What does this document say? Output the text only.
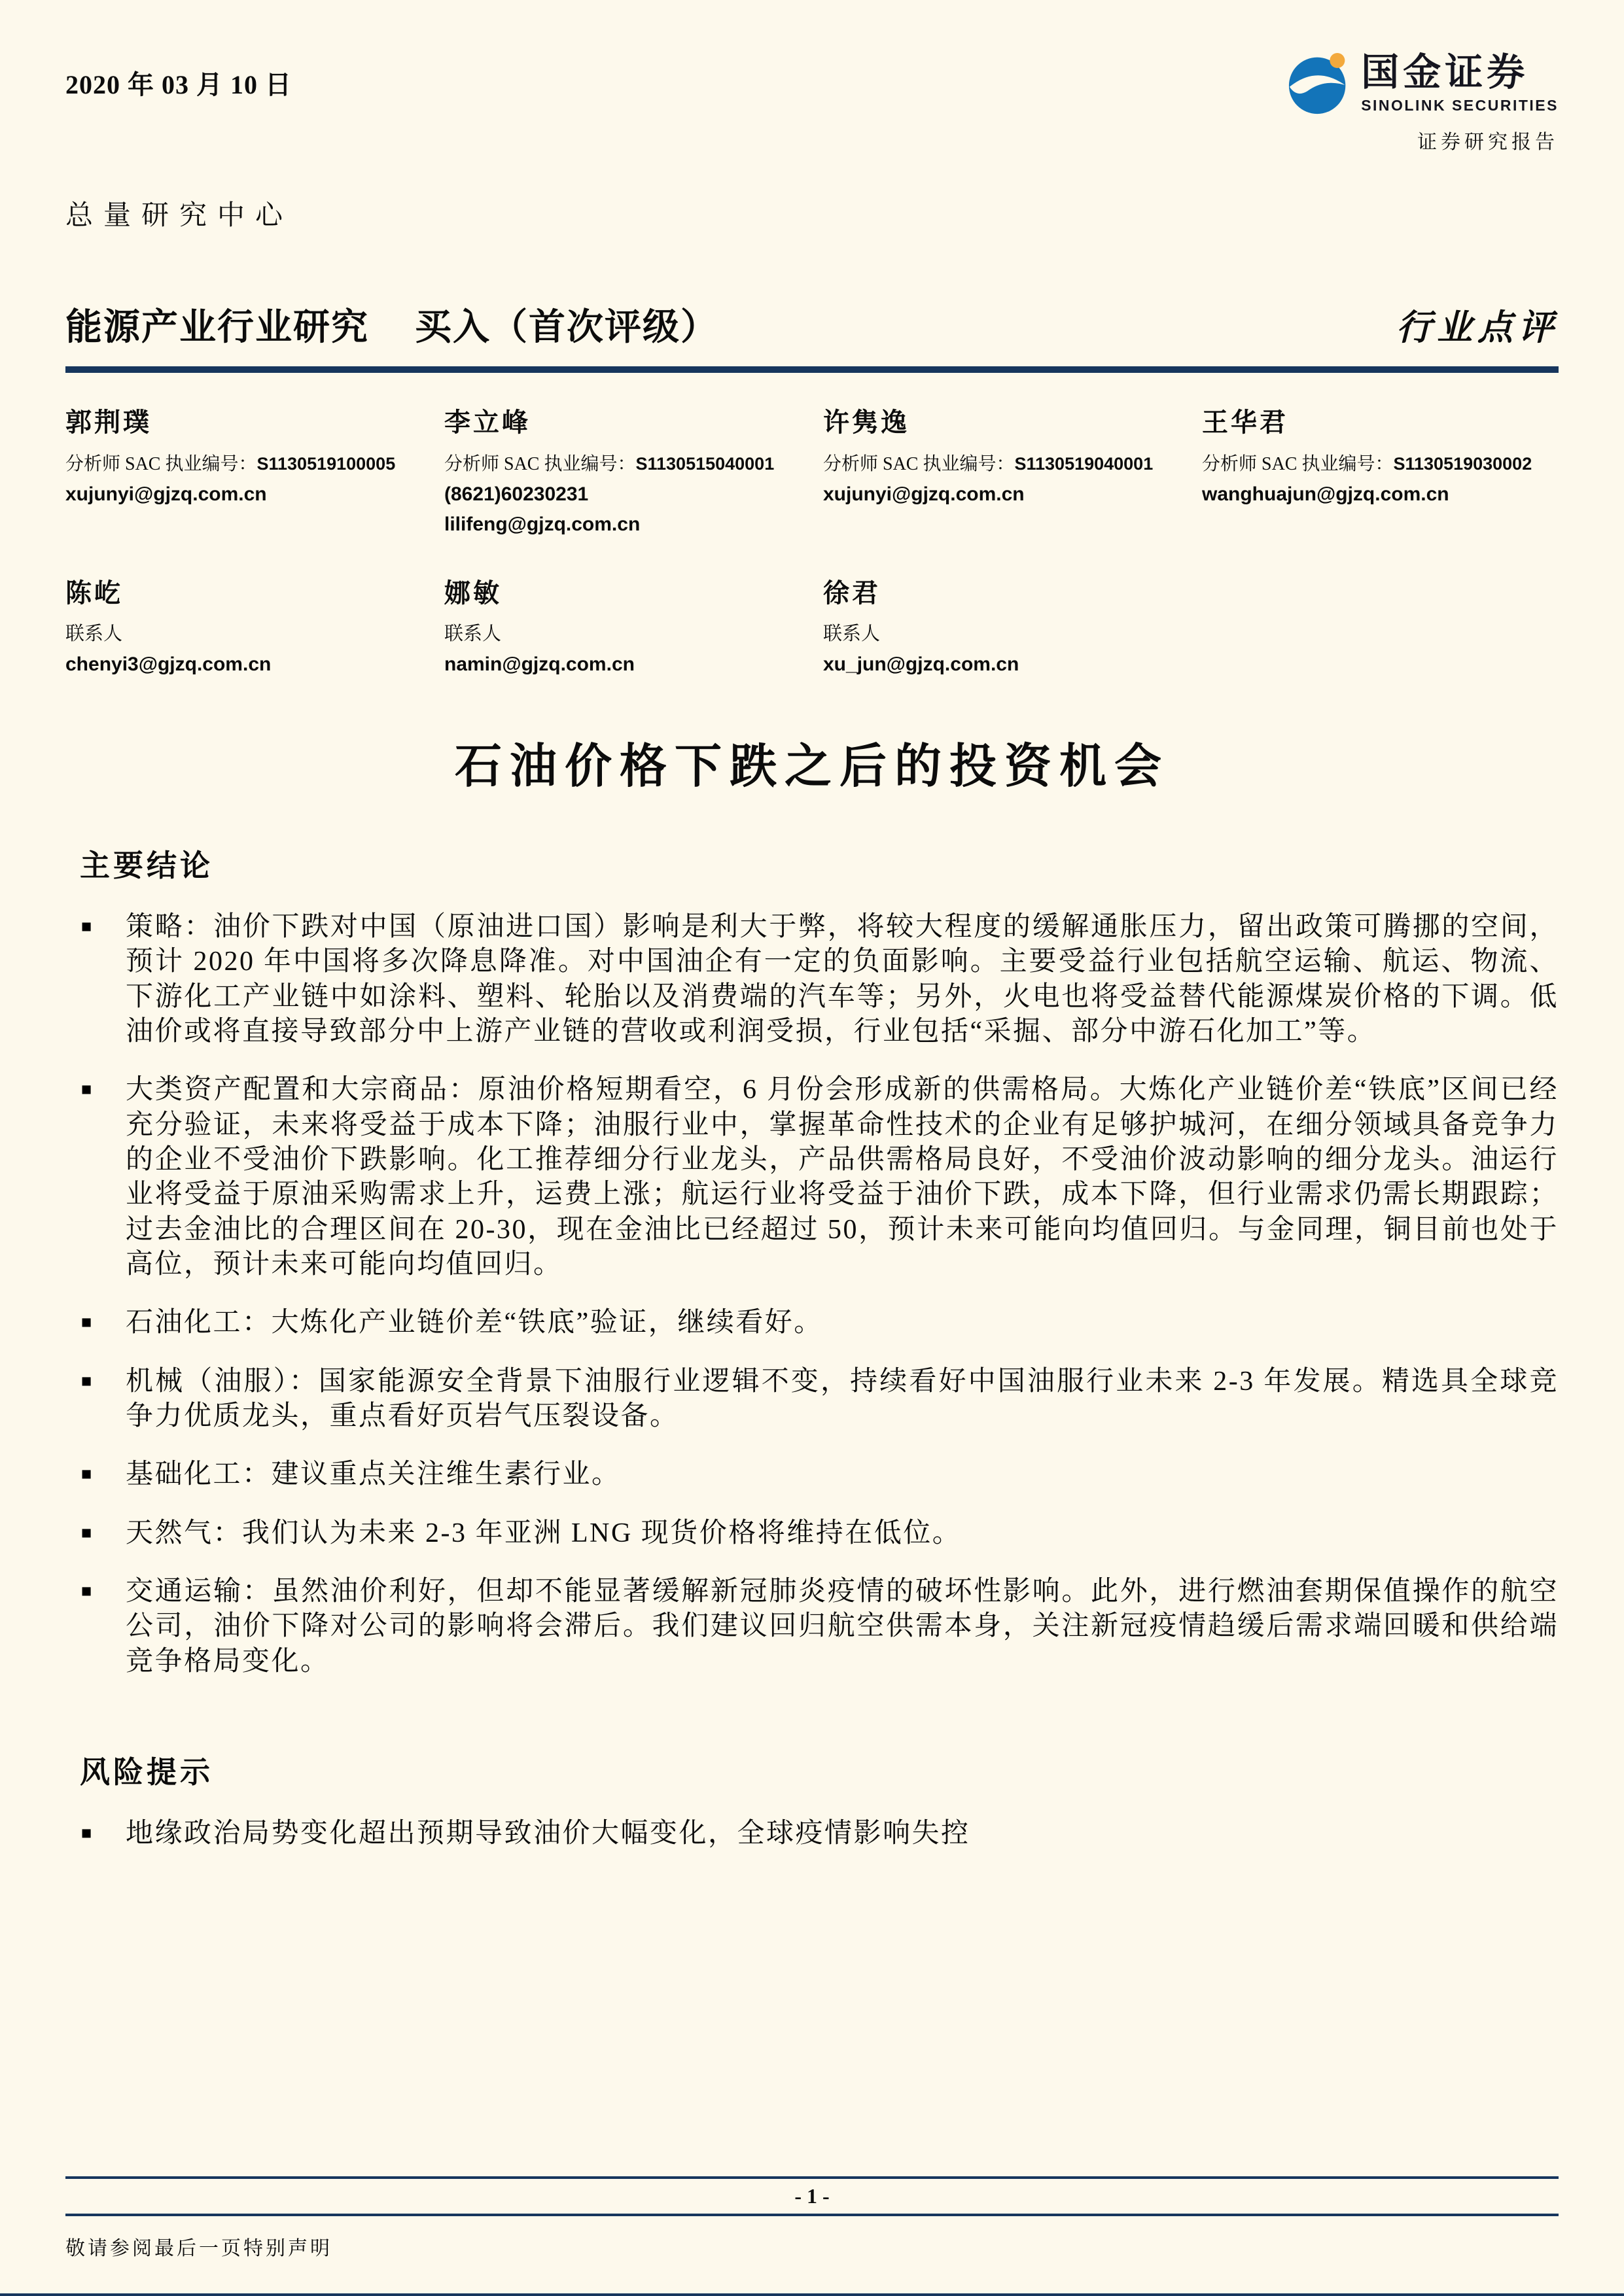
2020 年 03 月 10 日	国金证券
SINOLINK SECURITIES
证券研究报告
总量研究中心
能源产业行业研究 买入（首次评级）	行业点评
郭荆璞
分析师 SAC 执业编号：S1130519100005
xujunyi@gjzq.com.cn
李立峰
分析师 SAC 执业编号：S1130515040001
(8621)60230231
lilifeng@gjzq.com.cn
许隽逸
分析师 SAC 执业编号：S1130519040001
xujunyi@gjzq.com.cn
王华君
分析师 SAC 执业编号：S1130519030002
wanghuajun@gjzq.com.cn
陈屹
联系人
chenyi3@gjzq.com.cn
娜敏
联系人
namin@gjzq.com.cn
徐君
联系人
xu_jun@gjzq.com.cn
石油价格下跌之后的投资机会
主要结论
■ 策略：油价下跌对中国（原油进口国）影响是利大于弊，将较大程度的缓解通胀压力，留出政策可腾挪的空间，预计 2020 年中国将多次降息降准。对中国油企有一定的负面影响。主要受益行业包括航空运输、航运、物流、下游化工产业链中如涂料、塑料、轮胎以及消费端的汽车等；另外，火电也将受益替代能源煤炭价格的下调。低油价或将直接导致部分中上游产业链的营收或利润受损，行业包括“采掘、部分中游石化加工”等。
■ 大类资产配置和大宗商品：原油价格短期看空，6 月份会形成新的供需格局。大炼化产业链价差“铁底”区间已经充分验证，未来将受益于成本下降；油服行业中，掌握革命性技术的企业有足够护城河，在细分领域具备竞争力的企业不受油价下跌影响。化工推荐细分行业龙头，产品供需格局良好，不受油价波动影响的细分龙头。油运行业将受益于原油采购需求上升，运费上涨；航运行业将受益于油价下跌，成本下降，但行业需求仍需长期跟踪；过去金油比的合理区间在 20-30，现在金油比已经超过 50，预计未来可能向均值回归。与金同理，铜目前也处于高位，预计未来可能向均值回归。
■ 石油化工：大炼化产业链价差“铁底”验证，继续看好。
■ 机械（油服）：国家能源安全背景下油服行业逻辑不变，持续看好中国油服行业未来 2-3 年发展。精选具全球竞争力优质龙头，重点看好页岩气压裂设备。
■ 基础化工：建议重点关注维生素行业。
■ 天然气：我们认为未来 2-3 年亚洲 LNG 现货价格将维持在低位。
■ 交通运输：虽然油价利好，但却不能显著缓解新冠肺炎疫情的破坏性影响。此外，进行燃油套期保值操作的航空公司，油价下降对公司的影响将会滞后。我们建议回归航空供需本身，关注新冠疫情趋缓后需求端回暖和供给端竞争格局变化。
风险提示
■ 地缘政治局势变化超出预期导致油价大幅变化，全球疫情影响失控
- 1 -
敬请参阅最后一页特别声明
